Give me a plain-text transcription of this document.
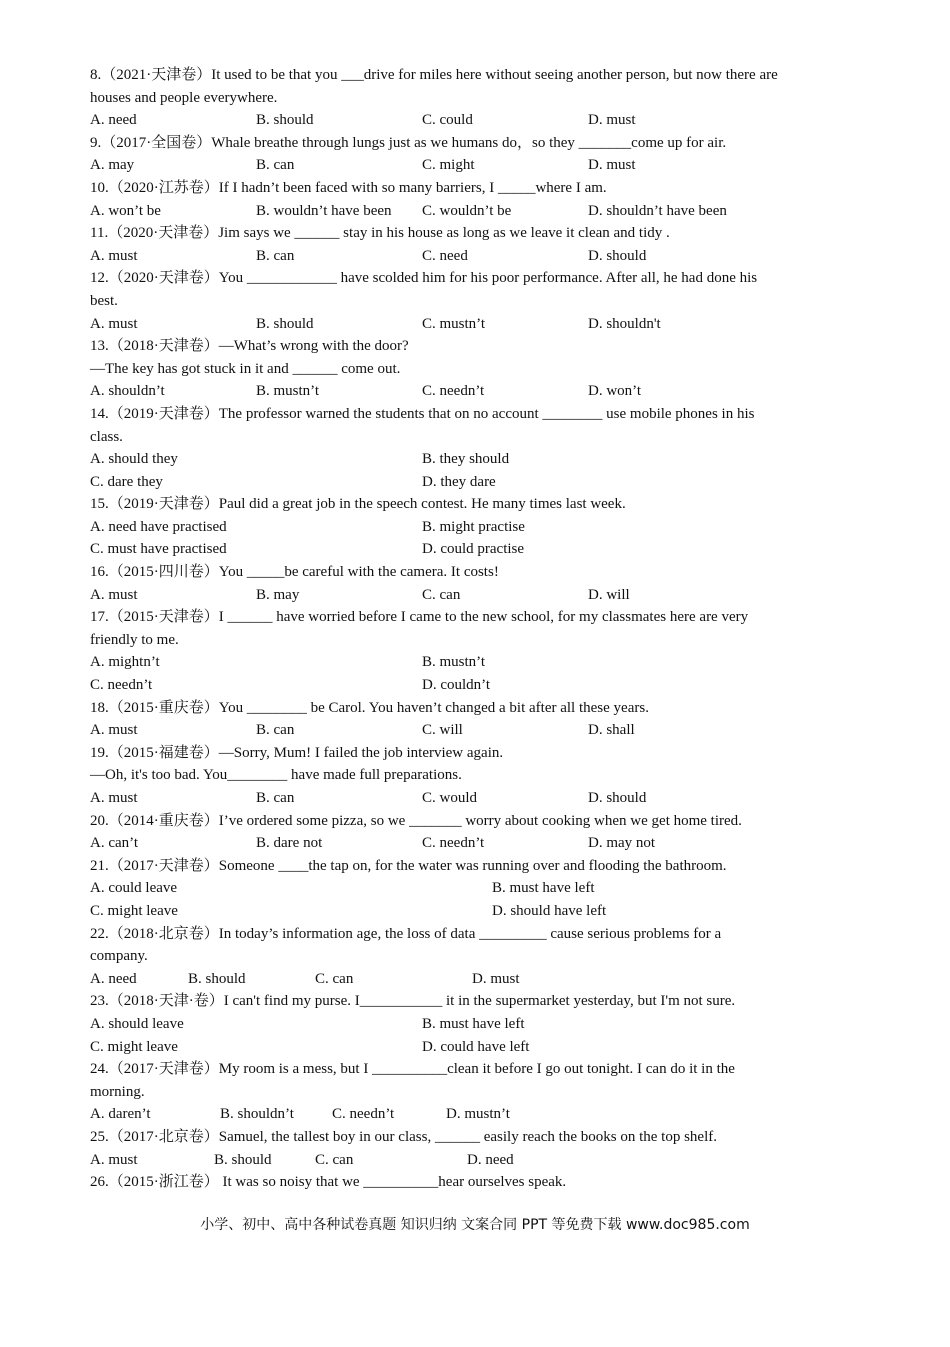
8.（2021·天津卷）It used to be that you ___drive for miles here without seeing another person, but now there are
houses and people everywhere.
A. need	B. should	C. could	D. must
9.（2017·全国卷）Whale breathe through lungs just as we humans do，so they _______come up for air.
A. may	B. can	C. might	D. must
10.（2020·江苏卷）If I hadn’t been faced with so many barriers, I _____where I am.
A. won’t be	B. wouldn’t have been	C. wouldn’t be	D. shouldn’t have been
11.（2020·天津卷）Jim says we ______ stay in his house as long as we leave it clean and tidy .
A. must	B. can	C. need	D. should
12.（2020·天津卷）You ____________ have scolded him for his poor performance. After all, he had done his
best.
A. must	B. should	C. mustn’t	D. shouldn't
13.（2018·天津卷）—What’s wrong with the door?
—The key has got stuck in it and ______ come out.
A. shouldn’t	B. mustn’t	C. needn’t	D. won’t
14.（2019·天津卷）The professor warned the students that on no account ________ use mobile phones in his
class.
A. should they	B. they should
C. dare they	D. they dare
15.（2019·天津卷）Paul did a great job in the speech contest. He many times last week.
A. need have practised	B. might practise
C. must have practised	D. could practise
16.（2015·四川卷）You _____be careful with the camera. It costs!
A. must	B. may	C. can	D. will
17.（2015·天津卷）I ______ have worried before I came to the new school, for my classmates here are very
friendly to me.
A. mightn’t	B. mustn’t
C. needn’t	D. couldn’t
18.（2015·重庆卷）You ________ be Carol. You haven’t changed a bit after all these years.
A. must	B. can	C. will	D. shall
19.（2015·福建卷）—Sorry, Mum! I failed the job interview again.
—Oh, it's too bad. You________ have made full preparations.
A. must	B. can	C. would	D. should
20.（2014·重庆卷）I’ve ordered some pizza, so we _______ worry about cooking when we get home tired.
A. can’t	B. dare not	C. needn’t	D. may not
21.（2017·天津卷）Someone ____the tap on, for the water was running over and flooding the bathroom.
A. could leave	B. must have left
C. might leave	D. should have left
22.（2018·北京卷）In today’s information age, the loss of data _________ cause serious problems for a
company.
A. need	B. should	C. can	D. must
23.（2018·天津·卷）I can't find my purse. I___________ it in the supermarket yesterday, but I'm not sure.
A. should leave	B. must have left
C. might leave	D. could have left
24.（2017·天津卷）My room is a mess, but I __________clean it before I go out tonight. I can do it in the
morning.
A. daren’t	B. shouldn’t	C. needn’t	D. mustn’t
25.（2017·北京卷）Samuel, the tallest boy in our class, ______ easily reach the books on the top shelf.
A. must	B. should	C. can	D. need
26.（2015·浙江卷） It was so noisy that we __________hear ourselves speak.
小学、初中、高中各种试卷真题 知识归纳 文案合同 PPT 等免费下载 www.doc985.com
